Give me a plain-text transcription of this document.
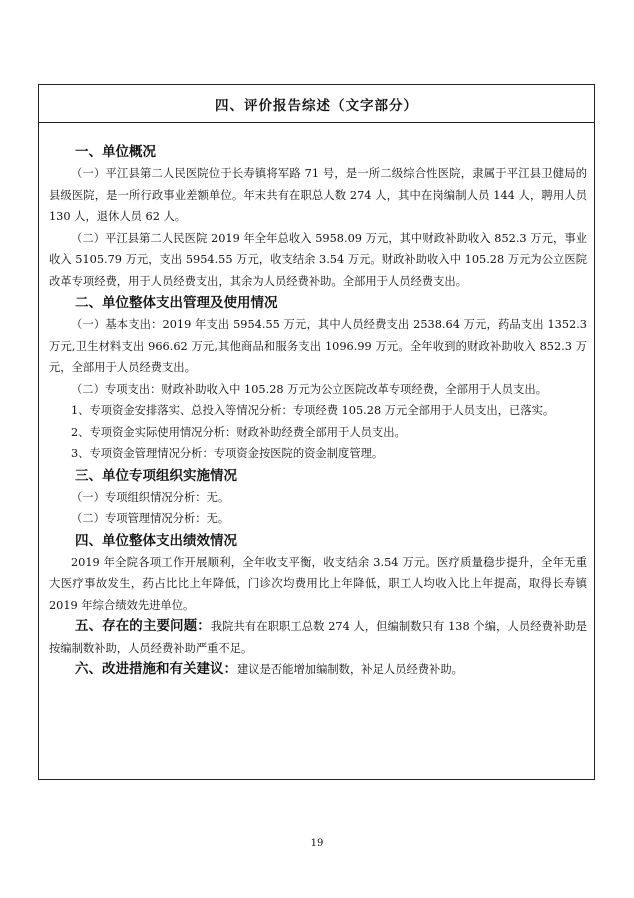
四、评价报告综述（文字部分）
一、单位概况

（一）平江县第二人民医院位于长寿镇将军路 71 号，是一所二级综合性医院，隶属于平江县卫健局的县级医院，是一所行政事业差额单位。年末共有在职总人数 274 人，其中在岗编制人员 144 人，聘用人员 130 人，退休人员 62 人。

（二）平江县第二人民医院 2019 年全年总收入 5958.09 万元，其中财政补助收入 852.3 万元，事业收入 5105.79 万元，支出 5954.55 万元，收支结余 3.54 万元。财政补助收入中 105.28 万元为公立医院改革专项经费，用于人员经费支出，其余为人员经费补助。全部用于人员经费支出。

二、单位整体支出管理及使用情况

（一）基本支出：2019 年支出 5954.55 万元，其中人员经费支出 2538.64 万元，药品支出 1352.3 万元,卫生材料支出 966.62 万元,其他商品和服务支出 1096.99 万元。全年收到的财政补助收入 852.3 万元，全部用于人员经费支出。

（二）专项支出：财政补助收入中 105.28 万元为公立医院改革专项经费，全部用于人员支出。

1、专项资金安排落实、总投入等情况分析：专项经费 105.28 万元全部用于人员支出，已落实。

2、专项资金实际使用情况分析：财政补助经费全部用于人员支出。

3、专项资金管理情况分析：专项资金按医院的资金制度管理。

三、单位专项组织实施情况

（一）专项组织情况分析：无。

（二）专项管理情况分析：无。

四、单位整体支出绩效情况

2019 年全院各项工作开展顺利，全年收支平衡，收支结余 3.54 万元。医疗质量稳步提升，全年无重大医疗事故发生，药占比比上年降低，门诊次均费用比上年降低，职工人均收入比上年提高，取得长寿镇 2019 年综合绩效先进单位。

五、存在的主要问题：我院共有在职职工总数 274 人，但编制数只有 138 个编，人员经费补助是按编制数补助，人员经费补助严重不足。

六、改进措施和有关建议：建议是否能增加编制数，补足人员经费补助。

19
